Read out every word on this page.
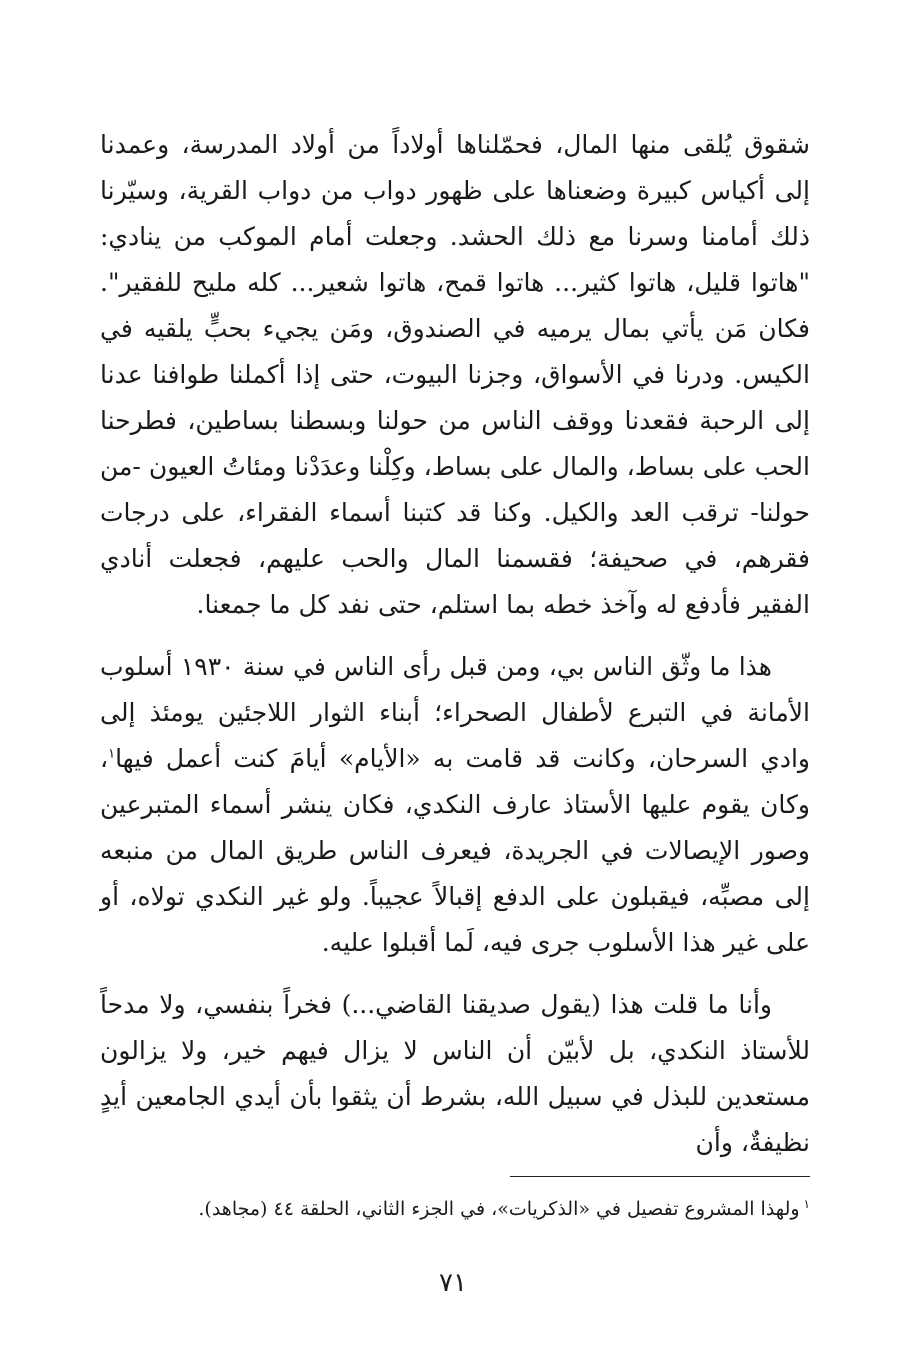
شقوق يُلقى منها المال، فحمّلناها أولاداً من أولاد المدرسة، وعمدنا إلى أكياس كبيرة وضعناها على ظهور دواب من دواب القرية، وسيّرنا ذلك أمامنا وسرنا مع ذلك الحشد. وجعلت أمام الموكب من ينادي: "هاتوا قليل، هاتوا كثير... هاتوا قمح، هاتوا شعير... كله مليح للفقير". فكان مَن يأتي بمال يرميه في الصندوق، ومَن يجيء بحبٍّ يلقيه في الكيس. ودرنا في الأسواق، وجزنا البيوت، حتى إذا أكملنا طوافنا عدنا إلى الرحبة فقعدنا ووقف الناس من حولنا وبسطنا بساطين، فطرحنا الحب على بساط، والمال على بساط، وكِلْنا وعدَدْنا ومئاتُ العيون -من حولنا- ترقب العد والكيل. وكنا قد كتبنا أسماء الفقراء، على درجات فقرهم، في صحيفة؛ فقسمنا المال والحب عليهم، فجعلت أنادي الفقير فأدفع له وآخذ خطه بما استلم، حتى نفد كل ما جمعنا.

هذا ما وثّق الناس بي، ومن قبل رأى الناس في سنة ١٩٣٠ أسلوب الأمانة في التبرع لأطفال الصحراء؛ أبناء الثوار اللاجئين يومئذ إلى وادي السرحان، وكانت قد قامت به «الأيام» أيامَ كنت أعمل فيها$^١$، وكان يقوم عليها الأستاذ عارف النكدي، فكان ينشر أسماء المتبرعين وصور الإيصالات في الجريدة، فيعرف الناس طريق المال من منبعه إلى مصبِّه، فيقبلون على الدفع إقبالاً عجيباً. ولو غير النكدي تولاه، أو على غير هذا الأسلوب جرى فيه، لَما أقبلوا عليه.

وأنا ما قلت هذا (يقول صديقنا القاضي...) فخراً بنفسي، ولا مدحاً للأستاذ النكدي، بل لأبيّن أن الناس لا يزال فيهم خير، ولا يزالون مستعدين للبذل في سبيل الله، بشرط أن يثقوا بأن أيدي الجامعين أيدٍ نظيفةٌ، وأن

$^١$ولهذا المشروع تفصيل في «الذكريات»، في الجزء الثاني، الحلقة ٤٤ (مجاهد).
٧١
